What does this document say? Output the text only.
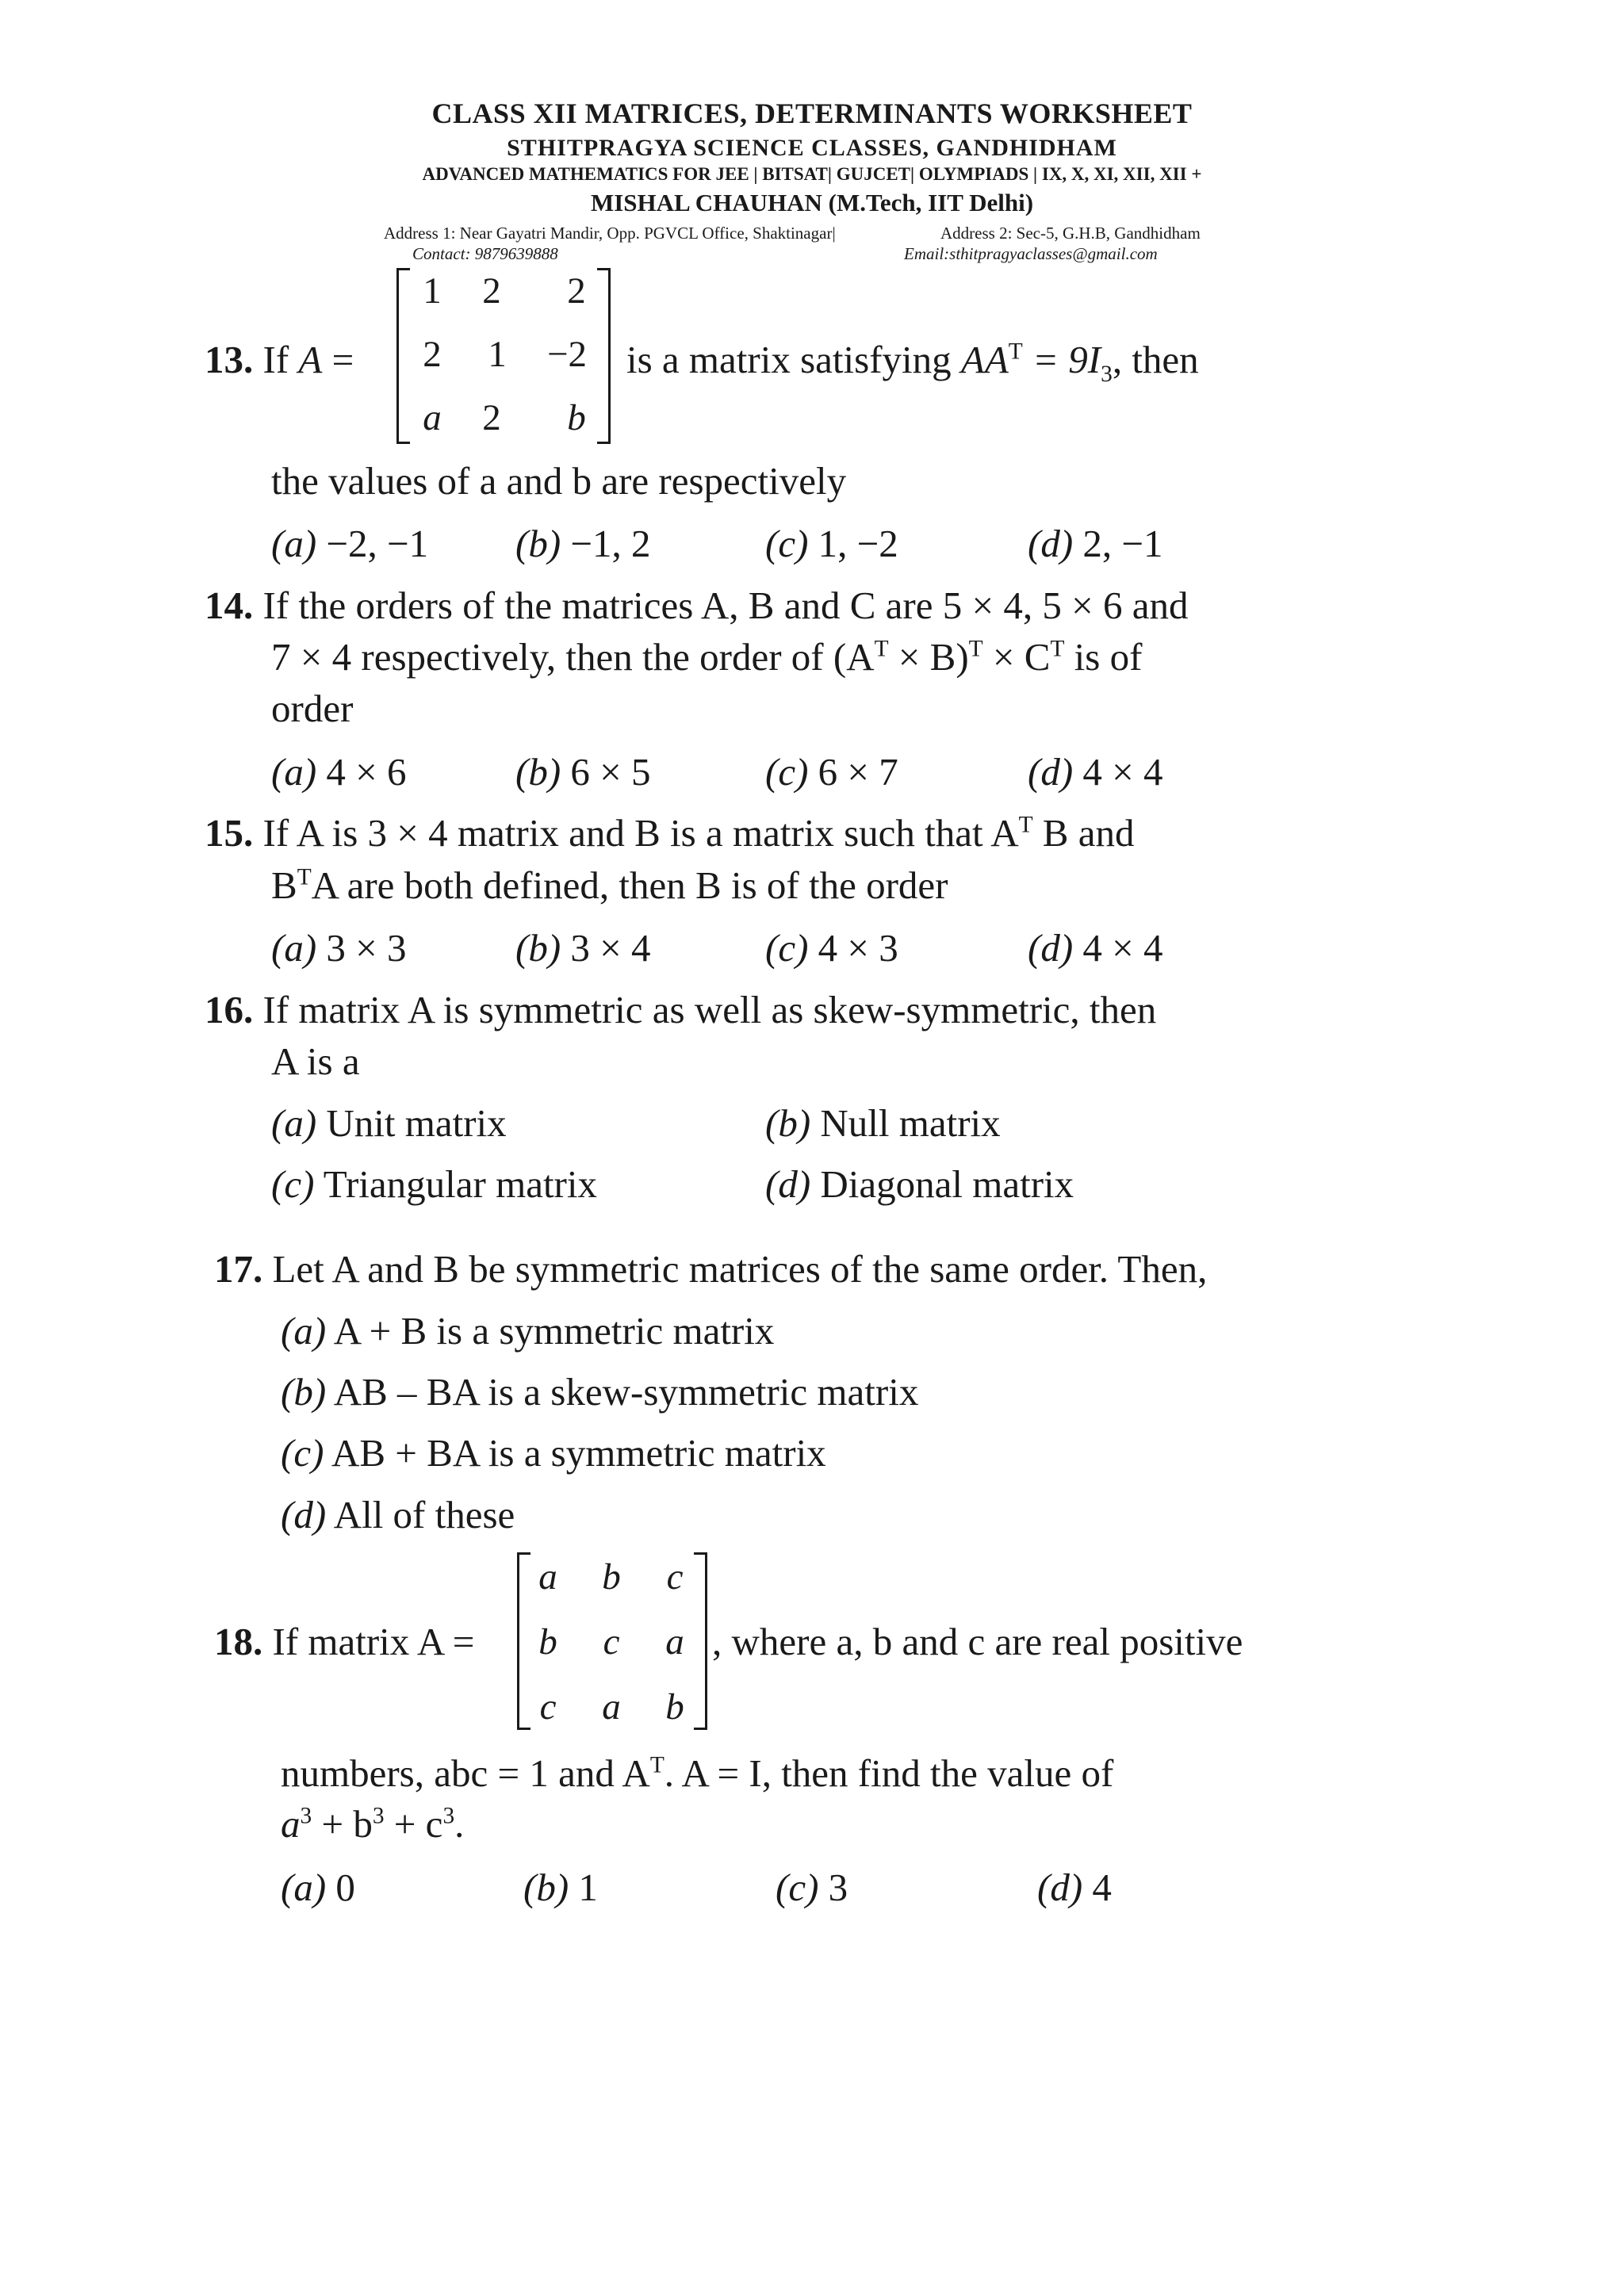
CLASS XII MATRICES, DETERMINANTS WORKSHEET
STHITPRAGYA SCIENCE CLASSES, GANDHIDHAM
ADVANCED MATHEMATICS FOR JEE | BITSAT| GUJCET| OLYMPIADS | IX, X, XI, XII, XII +
MISHAL CHAUHAN (M.Tech, IIT Delhi)
Address 1: Near Gayatri Mandir, Opp. PGVCL Office, Shaktinagar|	Address 2: Sec-5, G.H.B, Gandhidham
Contact: 9879639888	Email:sthitpragyaclasses@gmail.com
13. If A =
1	2	2
2	1	−2
a	2	b
is a matrix satisfying $AA^T = 9I_3$, then
the values of a and b are respectively
(a) −2, −1 (b) −1, 2	(c) 1, −2	(d) 2, −1
14. If the orders of the matrices A, B and C are 5 × 4, 5 × 6 and
7 × 4 respectively, then the order of $(A^T \times B)^T \times C^T$ is of
order
(a) 4 × 6	(b) 6 × 5	(c) 6 × 7	(d) 4 × 4
15. If A is 3 × 4 matrix and B is a matrix such that $A^T$ B and
$B^TA$ are both defined, then B is of the order
(a) 3 × 3	(b) 3 × 4	(c) 4 × 3	(d) 4 × 4
16. If matrix A is symmetric as well as skew-symmetric, then
A is a
(a) Unit matrix	(b) Null matrix
(c) Triangular matrix	(d) Diagonal matrix
17. Let A and B be symmetric matrices of the same order. Then,
(a) A + B is a symmetric matrix
(b) AB – BA is a skew-symmetric matrix
(c) AB + BA is a symmetric matrix
(d) All of these
18. If matrix A =
a	b	c
b	c	a
c	a	b
, where a, b and c are real positive
numbers, abc = 1 and $A^T$. A = I, then find the value of
$a^3 + b^3 + c^3$.
(a) 0	(b) 1	(c) 3	(d) 4
